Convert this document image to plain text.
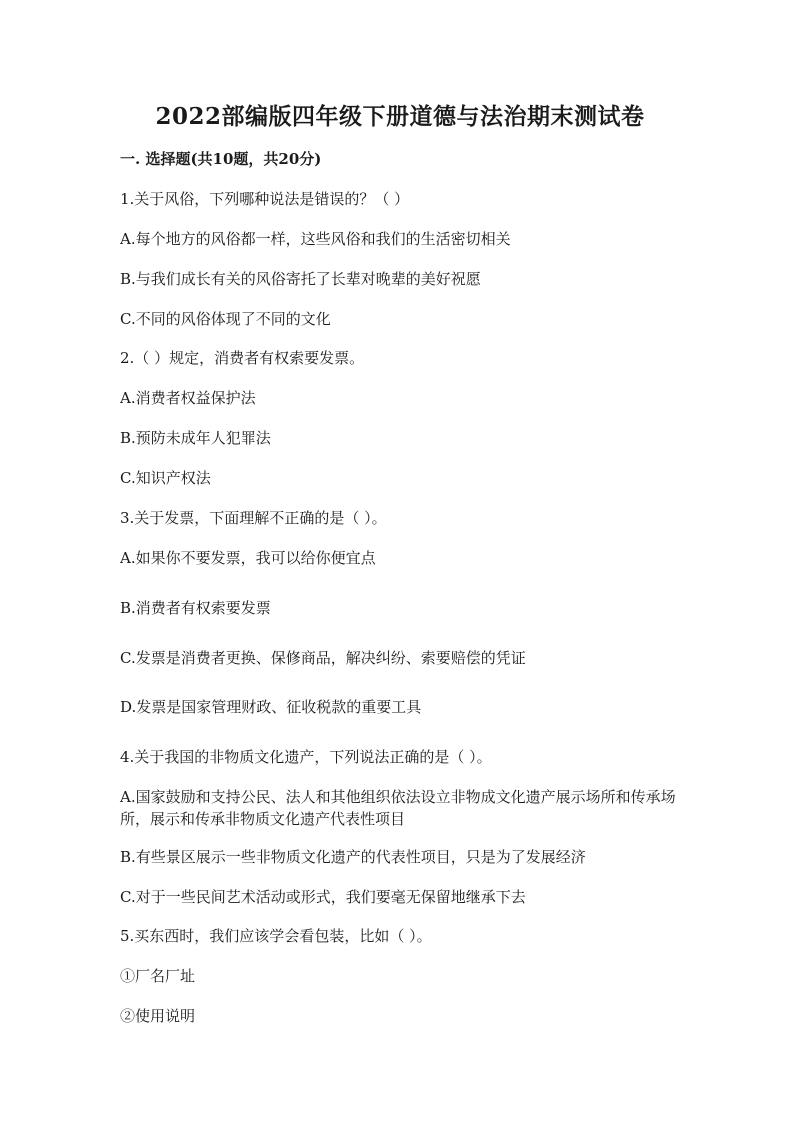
2022部编版四年级下册道德与法治期末测试卷
一. 选择题(共10题，共20分)
1.关于风俗，下列哪种说法是错误的？（ ）
A.每个地方的风俗都一样，这些风俗和我们的生活密切相关
B.与我们成长有关的风俗寄托了长辈对晚辈的美好祝愿
C.不同的风俗体现了不同的文化
2.（ ）规定，消费者有权索要发票。
A.消费者权益保护法
B.预防未成年人犯罪法
C.知识产权法
3.关于发票，下面理解不正确的是（ ）。
A.如果你不要发票，我可以给你便宜点
B.消费者有权索要发票
C.发票是消费者更换、保修商品，解决纠纷、索要赔偿的凭证
D.发票是国家管理财政、征收税款的重要工具
4.关于我国的非物质文化遗产，下列说法正确的是（ ）。
A.国家鼓励和支持公民、法人和其他组织依法设立非物成文化遗产展示场所和传承场所，展示和传承非物质文化遗产代表性项目
B.有些景区展示一些非物质文化遗产的代表性项目，只是为了发展经济
C.对于一些民间艺术活动或形式，我们要毫无保留地继承下去
5.买东西时，我们应该学会看包装，比如（ ）。
①厂名厂址
②使用说明
